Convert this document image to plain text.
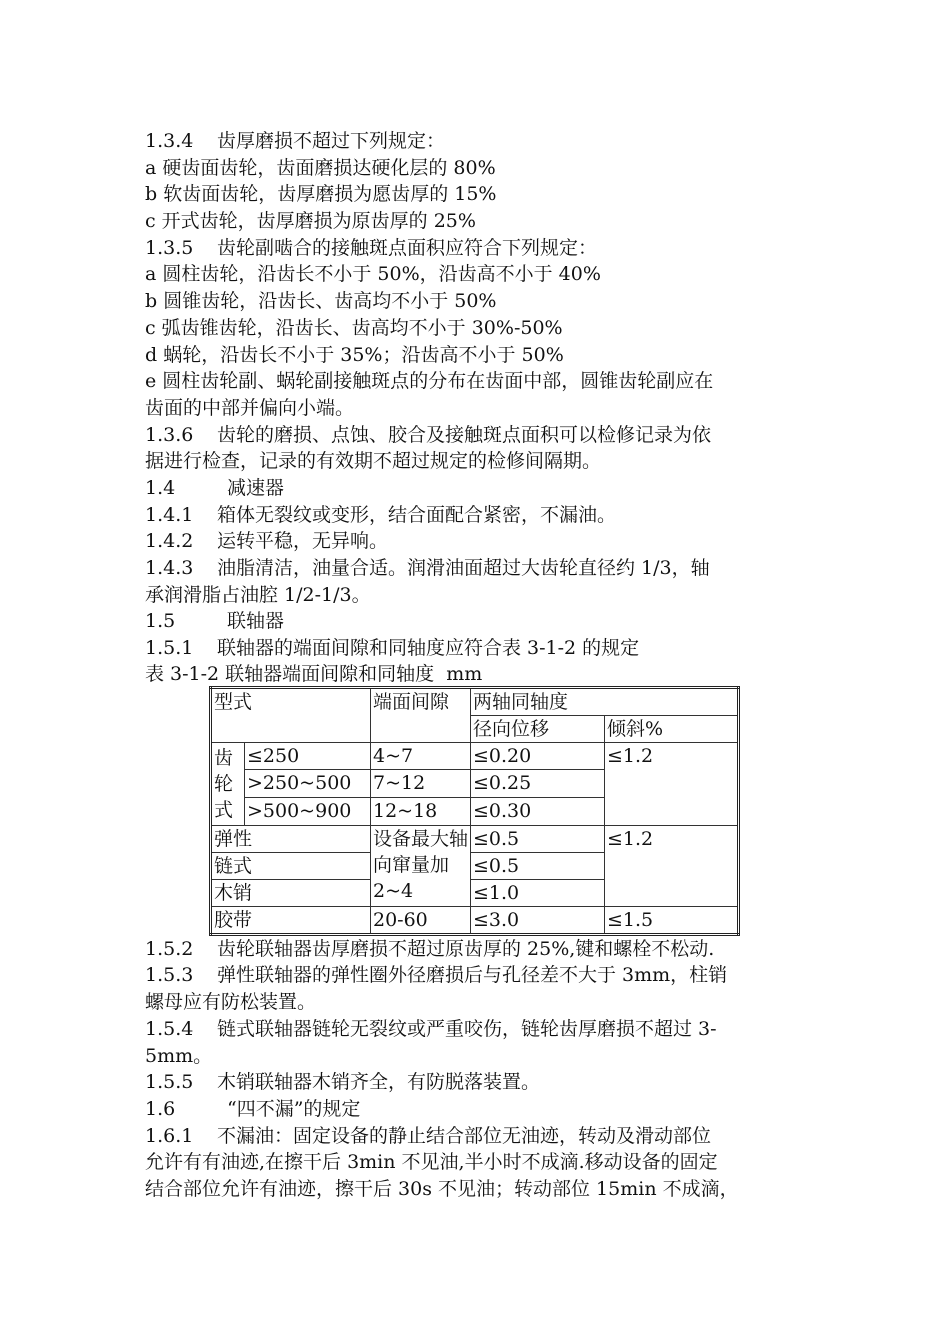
1.3.4 齿厚磨损不超过下列规定：
a 硬齿面齿轮，齿面磨损达硬化层的 80%
b 软齿面齿轮，齿厚磨损为愿齿厚的 15%
c 开式齿轮，齿厚磨损为原齿厚的 25%
1.3.5 齿轮副啮合的接触斑点面积应符合下列规定：
a 圆柱齿轮，沿齿长不小于 50%，沿齿高不小于 40%
b 圆锥齿轮，沿齿长、齿高均不小于 50%
c 弧齿锥齿轮，沿齿长、齿高均不小于 30%-50%
d 蜗轮，沿齿长不小于 35%；沿齿高不小于 50%
e 圆柱齿轮副、蜗轮副接触斑点的分布在齿面中部，圆锥齿轮副应在
齿面的中部并偏向小端。
1.3.6 齿轮的磨损、点蚀、胶合及接触斑点面积可以检修记录为依
据进行检查，记录的有效期不超过规定的检修间隔期。
1.4	减速器
1.4.1 箱体无裂纹或变形，结合面配合紧密，不漏油。
1.4.2 运转平稳，无异响。
1.4.3 油脂清洁，油量合适。润滑油面超过大齿轮直径约 1/3，轴
承润滑脂占油腔 1/2-1/3。
1.5	联轴器
1.5.1 联轴器的端面间隙和同轴度应符合表 3-1-2 的规定
表 3-1-2 联轴器端面间隙和同轴度  mm
型式		端面间隙	两轴同轴度	
			径向位移	倾斜%
齿轮式	≤250	4~7	≤0.20	≤1.2
	>250~500	7~12	≤0.25	
	>500~900	12~18	≤0.30	
弹性		设备最大轴向窜量加 2~4	≤0.5	≤1.2
链式			≤0.5	
木销			≤1.0	
胶带		20-60	≤3.0	≤1.5
1.5.2 齿轮联轴器齿厚磨损不超过原齿厚的 25%,键和螺栓不松动.
1.5.3 弹性联轴器的弹性圈外径磨损后与孔径差不大于 3mm，柱销
螺母应有防松装置。
1.5.4 链式联轴器链轮无裂纹或严重咬伤，链轮齿厚磨损不超过 3-
5mm。
1.5.5 木销联轴器木销齐全，有防脱落装置。
1.6	“四不漏”的规定
1.6.1 不漏油：固定设备的静止结合部位无油迹，转动及滑动部位
允许有有油迹,在擦干后 3min 不见油,半小时不成滴.移动设备的固定
结合部位允许有油迹，擦干后 30s 不见油；转动部位 15min 不成滴，
